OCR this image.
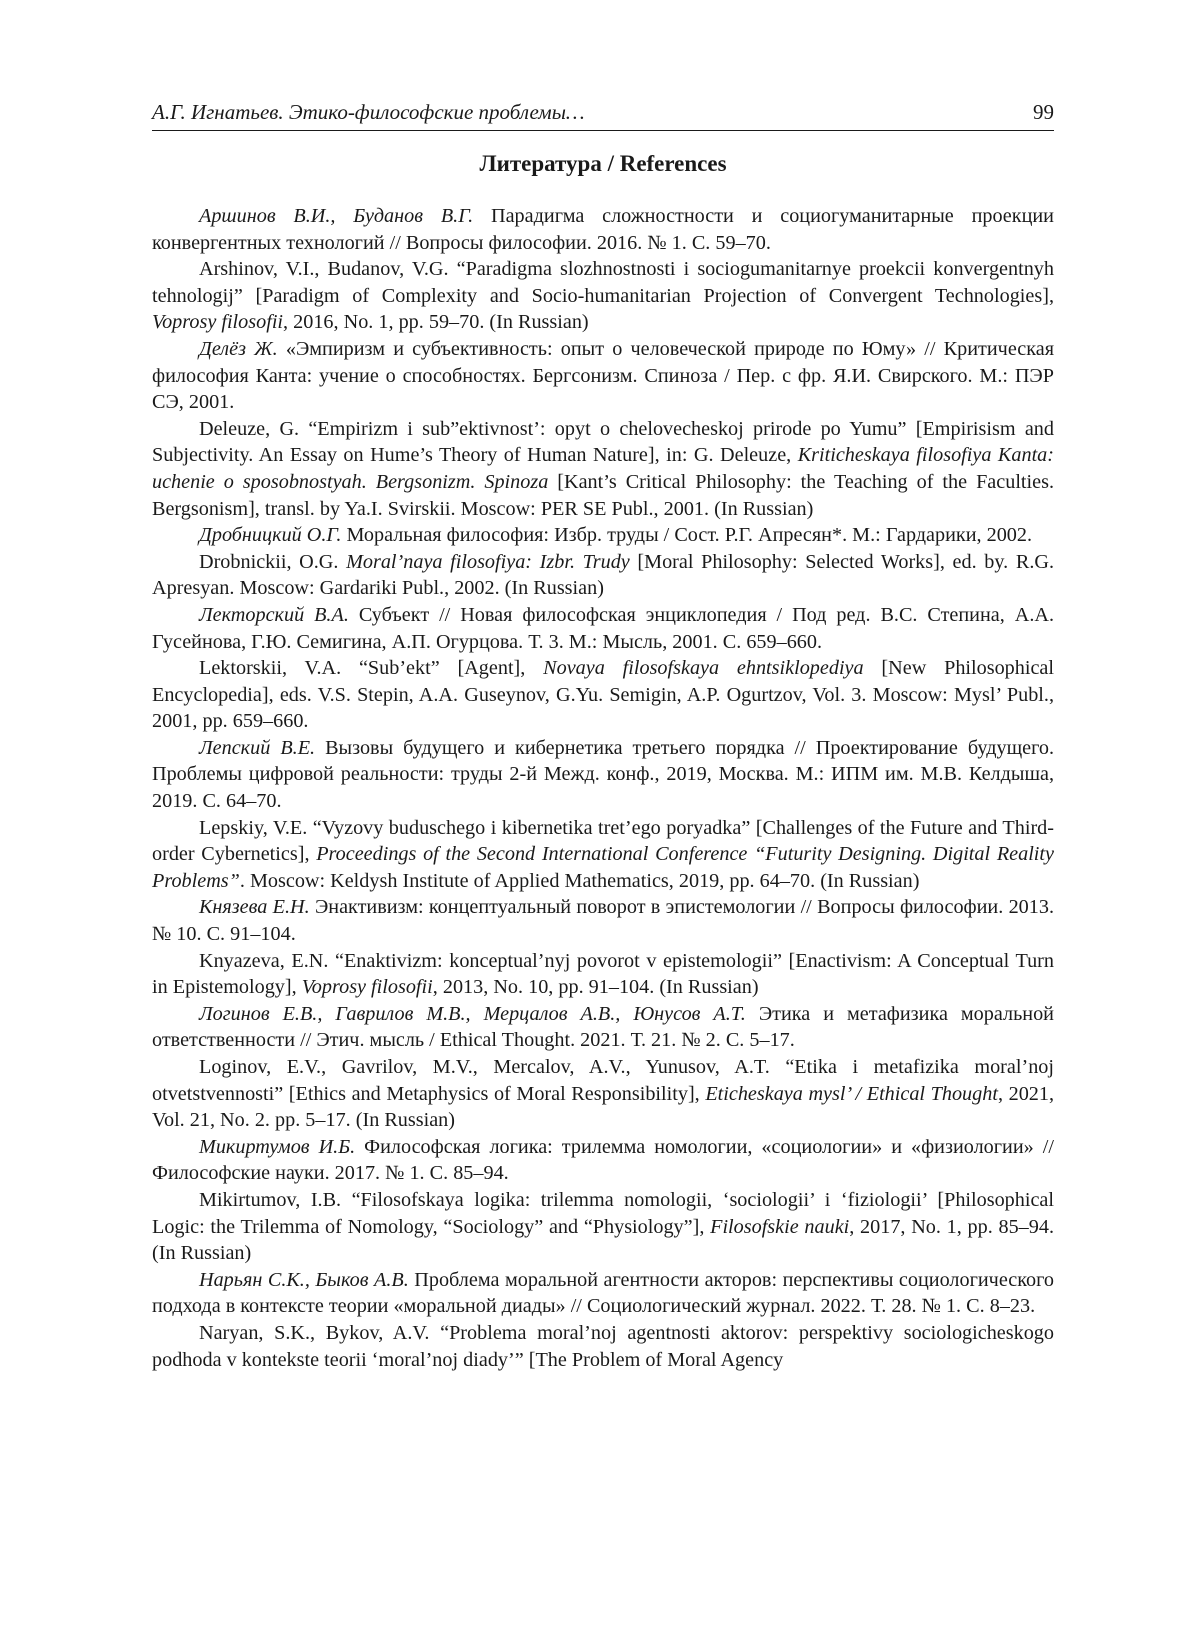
А.Г. Игнатьев. Этико-философские проблемы…	99
Литература / References

Аршинов В.И., Буданов В.Г. Парадигма сложностности и социогуманитарные проекции конвергентных технологий // Вопросы философии. 2016. № 1. С. 59–70.

Arshinov, V.I., Budanov, V.G. “Paradigma slozhnostnosti i sociogumanitarnye proekcii konvergentnyh tehnologij” [Paradigm of Complexity and Socio-humanitarian Projection of Convergent Technologies], Voprosy filosofii, 2016, No. 1, pp. 59–70. (In Russian)

Делёз Ж. «Эмпиризм и субъективность: опыт о человеческой природе по Юму» // Критическая философия Канта: учение о способностях. Бергсонизм. Спиноза / Пер. с фр. Я.И. Свирского. М.: ПЭР СЭ, 2001.

Deleuze, G. “Empirizm i sub”ektivnost’: opyt o chelovecheskoj prirode po Yumu” [Empirisism and Subjectivity. An Essay on Hume’s Theory of Human Nature], in: G. Deleuze, Kriticheskaya filosofiya Kanta: uchenie o sposobnostyah. Bergsonizm. Spinoza [Kant’s Critical Philosophy: the Teaching of the Faculties. Bergsonism], transl. by Ya.I. Svirskii. Moscow: PER SE Publ., 2001. (In Russian)

Дробницкий О.Г. Моральная философия: Избр. труды / Сост. Р.Г. Апресян*. М.: Гардарики, 2002.

Drobnickii, O.G. Moral’naya filosofiya: Izbr. Trudy [Moral Philosophy: Selected Works], ed. by. R.G. Apresyan. Moscow: Gardariki Publ., 2002. (In Russian)

Лекторский В.А. Субъект // Новая философская энциклопедия / Под ред. В.С. Степина, А.А. Гусейнова, Г.Ю. Семигина, А.П. Огурцова. Т. 3. М.: Мысль, 2001. С. 659–660.

Lektorskii, V.A. “Sub’ekt” [Agent], Novaya filosofskaya ehntsiklopediya [New Philosophical Encyclopedia], eds. V.S. Stepin, A.A. Guseynov, G.Yu. Semigin, A.P. Ogurtzov, Vol. 3. Moscow: Mysl’ Publ., 2001, pp. 659–660.

Лепский В.Е. Вызовы будущего и кибернетика третьего порядка // Проектирование будущего. Проблемы цифровой реальности: труды 2-й Межд. конф., 2019, Москва. М.: ИПМ им. М.В. Келдыша, 2019. С. 64–70.

Lepskiy, V.E. “Vyzovy buduschego i kibernetika tret’ego poryadka” [Challenges of the Future and Third-order Cybernetics], Proceedings of the Second International Conference “Futurity Designing. Digital Reality Problems”. Moscow: Keldysh Institute of Applied Mathematics, 2019, pp. 64–70. (In Russian)

Князева Е.Н. Энактивизм: концептуальный поворот в эпистемологии // Вопросы философии. 2013. № 10. С. 91–104.

Knyazeva, E.N. “Enaktivizm: konceptual’nyj povorot v epistemologii” [Enactivism: A Conceptual Turn in Epistemology], Voprosy filosofii, 2013, No. 10, pp. 91–104. (In Russian)

Логинов Е.В., Гаврилов М.В., Мерцалов А.В., Юнусов А.Т. Этика и метафизика моральной ответственности // Этич. мысль / Ethical Thought. 2021. Т. 21. № 2. С. 5–17.

Loginov, E.V., Gavrilov, M.V., Mercalov, A.V., Yunusov, A.T. “Etika i metafizika moral’noj otvetstvennosti” [Ethics and Metaphysics of Moral Responsibility], Eticheskaya mysl’ / Ethical Thought, 2021, Vol. 21, No. 2. pp. 5–17. (In Russian)

Микиртумов И.Б. Философская логика: трилемма номологии, «социологии» и «физиологии» // Философские науки. 2017. № 1. С. 85–94.

Mikirtumov, I.B. “Filosofskaya logika: trilemma nomologii, ‘sociologii’ i ‘fiziologii’ [Philosophical Logic: the Trilemma of Nomology, “Sociology” and “Physiology”], Filosofskie nauki, 2017, No. 1, pp. 85–94. (In Russian)

Нарьян С.К., Быков А.В. Проблема моральной агентности акторов: перспективы социологического подхода в контексте теории «моральной диады» // Социологический журнал. 2022. Т. 28. № 1. С. 8–23.

Naryan, S.K., Bykov, A.V. “Problema moral’noj agentnosti aktorov: perspektivy sociologicheskogo podhoda v kontekste teorii ‘moral’noj diady’” [The Problem of Moral Agency
